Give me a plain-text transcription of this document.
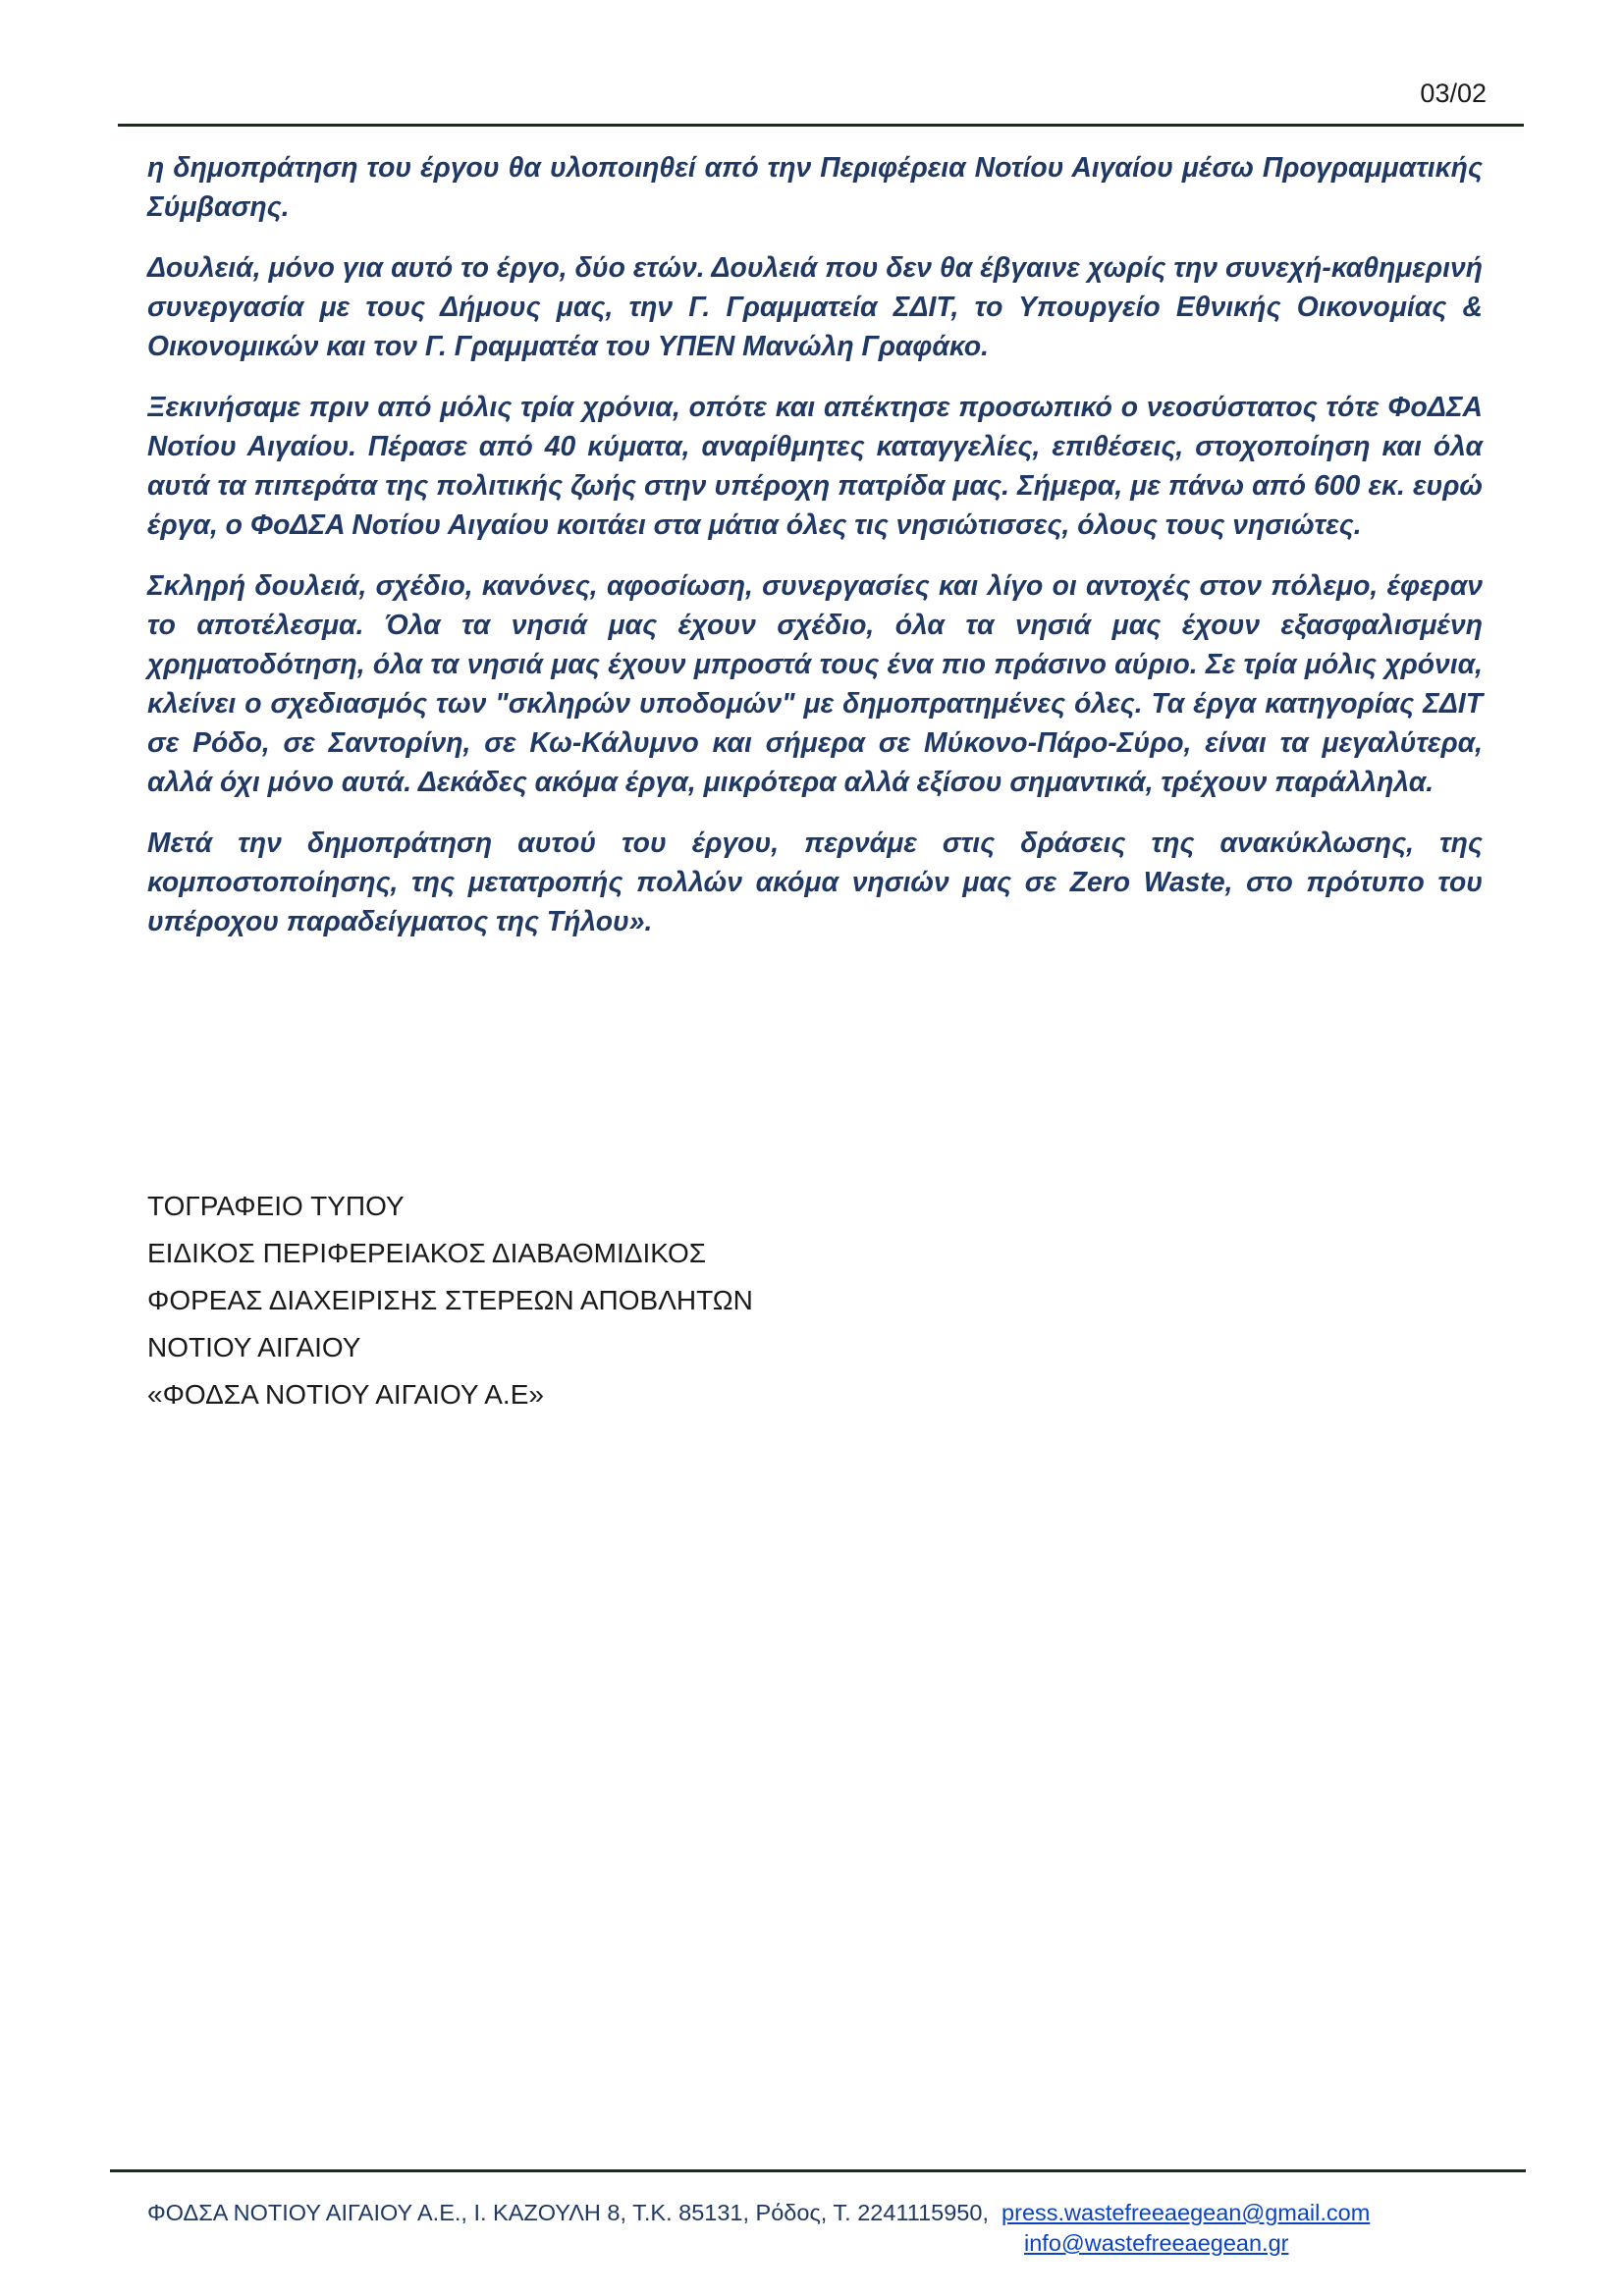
03/02

η δημοπράτηση του έργου θα υλοποιηθεί από την Περιφέρεια Νοτίου Αιγαίου μέσω Προγραμματικής Σύμβασης.

Δουλειά, μόνο για αυτό το έργο, δύο ετών. Δουλειά που δεν θα έβγαινε χωρίς την συνεχή-καθημερινή συνεργασία με τους Δήμους μας, την Γ. Γραμματεία ΣΔΙΤ, το Υπουργείο Εθνικής Οικονομίας & Οικονομικών και τον Γ. Γραμματέα του ΥΠΕΝ Μανώλη Γραφάκο.

Ξεκινήσαμε πριν από μόλις τρία χρόνια, οπότε και απέκτησε προσωπικό ο νεοσύστατος τότε ΦοΔΣΑ Νοτίου Αιγαίου. Πέρασε από 40 κύματα, αναρίθμητες καταγγελίες, επιθέσεις, στοχοποίηση και όλα αυτά τα πιπεράτα της πολιτικής ζωής στην υπέροχη πατρίδα μας. Σήμερα, με πάνω από 600 εκ. ευρώ έργα, ο ΦοΔΣΑ Νοτίου Αιγαίου κοιτάει στα μάτια όλες τις νησιώτισσες, όλους τους νησιώτες.

Σκληρή δουλειά, σχέδιο, κανόνες, αφοσίωση, συνεργασίες και λίγο οι αντοχές στον πόλεμο, έφεραν το αποτέλεσμα. Όλα τα νησιά μας έχουν σχέδιο, όλα τα νησιά μας έχουν εξασφαλισμένη χρηματοδότηση, όλα τα νησιά μας έχουν μπροστά τους ένα πιο πράσινο αύριο. Σε τρία μόλις χρόνια, κλείνει ο σχεδιασμός των "σκληρών υποδομών" με δημοπρατημένες όλες. Τα έργα κατηγορίας ΣΔΙΤ σε Ρόδο, σε Σαντορίνη, σε Κω-Κάλυμνο και σήμερα σε Μύκονο-Πάρο-Σύρο, είναι τα μεγαλύτερα, αλλά όχι μόνο αυτά. Δεκάδες ακόμα έργα, μικρότερα αλλά εξίσου σημαντικά, τρέχουν παράλληλα.

Μετά την δημοπράτηση αυτού του έργου, περνάμε στις δράσεις της ανακύκλωσης, της κομποστοποίησης, της μετατροπής πολλών ακόμα νησιών μας σε Zero Waste, στο πρότυπο του υπέροχου παραδείγματος της Τήλου».

ΤΟΓΡΑΦΕΙΟ ΤΥΠΟΥ
ΕΙΔΙΚΟΣ ΠΕΡΙΦΕΡΕΙΑΚΟΣ ΔΙΑΒΑΘΜΙΔΙΚΟΣ
ΦΟΡΕΑΣ ΔΙΑΧΕΙΡΙΣΗΣ ΣΤΕΡΕΩΝ ΑΠΟΒΛΗΤΩΝ
ΝΟΤΙΟΥ ΑΙΓΑΙΟΥ
«ΦΟΔΣΑ ΝΟΤΙΟΥ ΑΙΓΑΙΟΥ Α.Ε»
ΦΟΔΣΑ ΝΟΤΙΟΥ ΑΙΓΑΙΟΥ Α.Ε., Ι. ΚΑΖΟΥΛΗ 8, Τ.Κ. 85131, Ρόδος, Τ. 2241115950, press.wastefreeaegean@gmail.com
info@wastefreeaegean.gr
